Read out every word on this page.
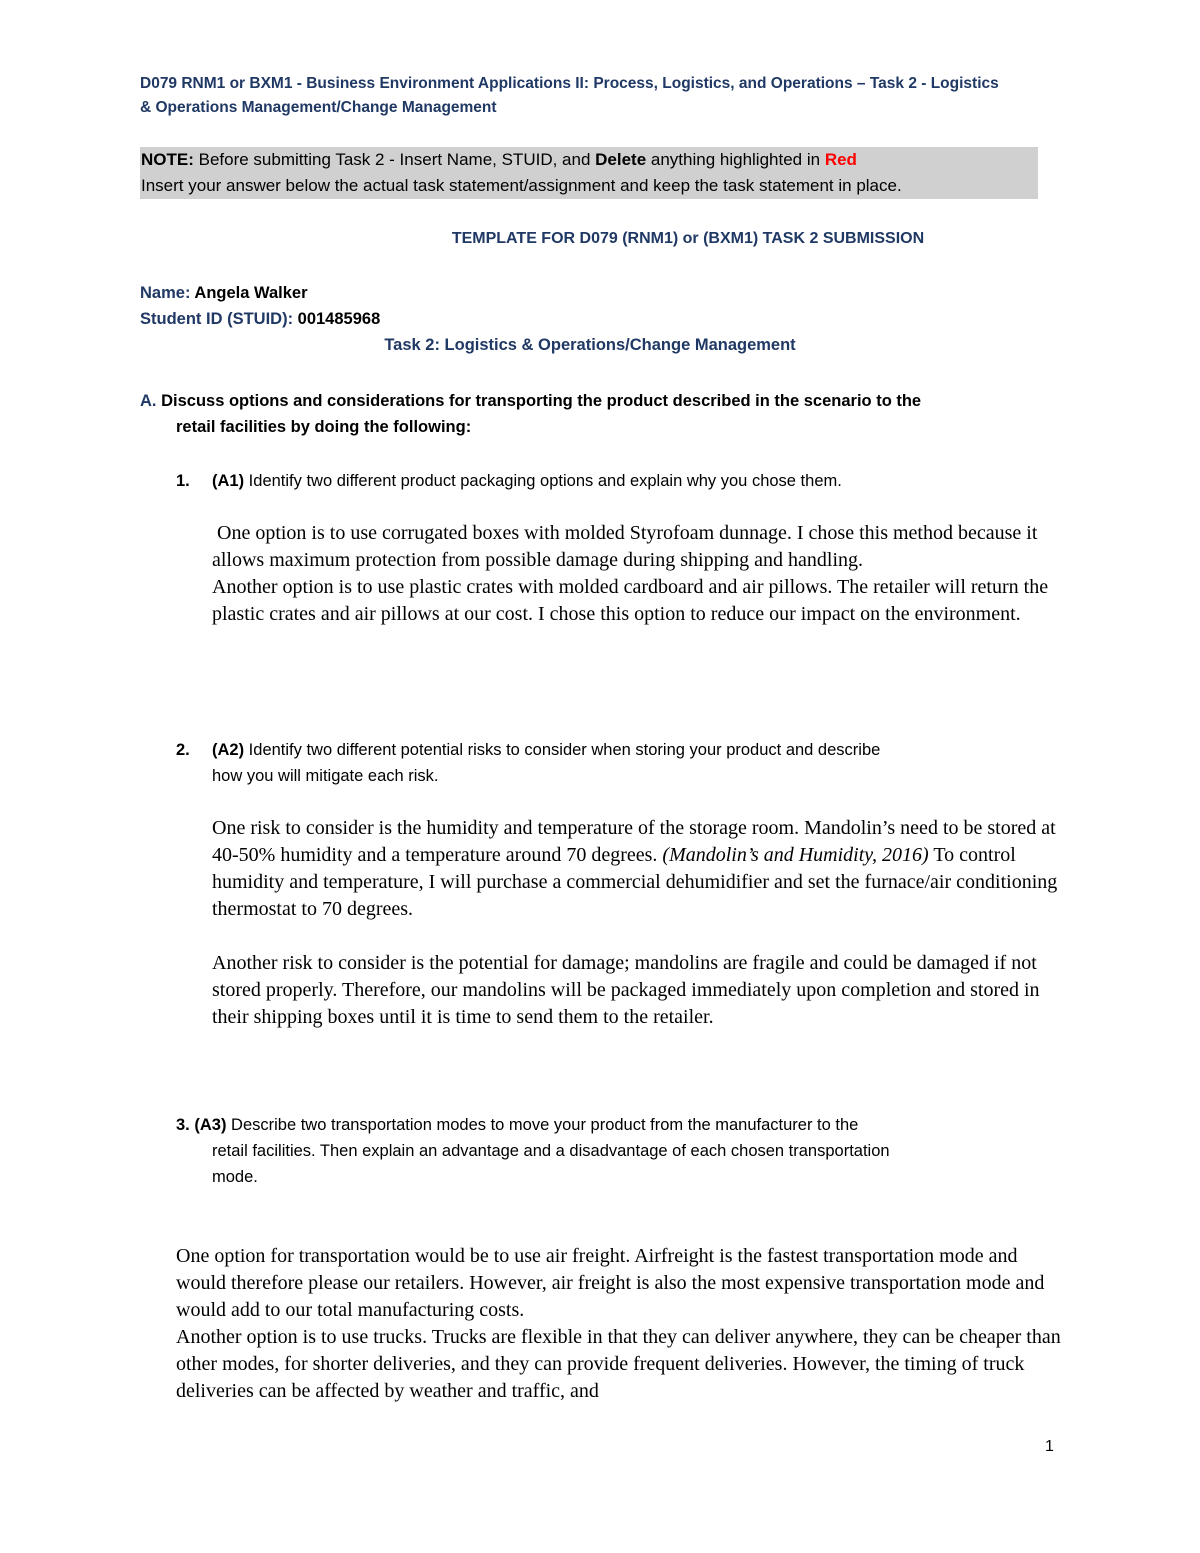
D079 RNM1 or BXM1 - Business Environment Applications II: Process, Logistics, and Operations – Task 2 - Logistics
& Operations Management/Change Management
NOTE: Before submitting Task 2 - Insert Name, STUID, and Delete anything highlighted in Red
Insert your answer below the actual task statement/assignment and keep the task statement in place.
TEMPLATE FOR D079 (RNM1) or (BXM1) TASK 2 SUBMISSION
Name: Angela Walker
Student ID (STUID): 001485968
Task 2: Logistics & Operations/Change Management
A. Discuss options and considerations for transporting the product described in the scenario to the
retail facilities by doing the following:
1. (A1) Identify two different product packaging options and explain why you chose them.

One option is to use corrugated boxes with molded Styrofoam dunnage. I chose this method because it allows maximum protection from possible damage during shipping and handling.

Another option is to use plastic crates with molded cardboard and air pillows. The retailer will return the plastic crates and air pillows at our cost. I chose this option to reduce our impact on the environment.

2. (A2) Identify two different potential risks to consider when storing your product and describe
how you will mitigate each risk.

One risk to consider is the humidity and temperature of the storage room. Mandolin’s need to be stored at 40-50% humidity and a temperature around 70 degrees. (Mandolin’s and Humidity, 2016) To control humidity and temperature, I will purchase a commercial dehumidifier and set the furnace/air conditioning thermostat to 70 degrees.

Another risk to consider is the potential for damage; mandolins are fragile and could be damaged if not stored properly. Therefore, our mandolins will be packaged immediately upon completion and stored in their shipping boxes until it is time to send them to the retailer.

3. (A3) Describe two transportation modes to move your product from the manufacturer to the
retail facilities. Then explain an advantage and a disadvantage of each chosen transportation
mode.

One option for transportation would be to use air freight. Airfreight is the fastest transportation mode and would therefore please our retailers. However, air freight is also the most expensive transportation mode and would add to our total manufacturing costs.

Another option is to use trucks. Trucks are flexible in that they can deliver anywhere, they can be cheaper than other modes, for shorter deliveries, and they can provide frequent deliveries. However, the timing of truck deliveries can be affected by weather and traffic, and

1
